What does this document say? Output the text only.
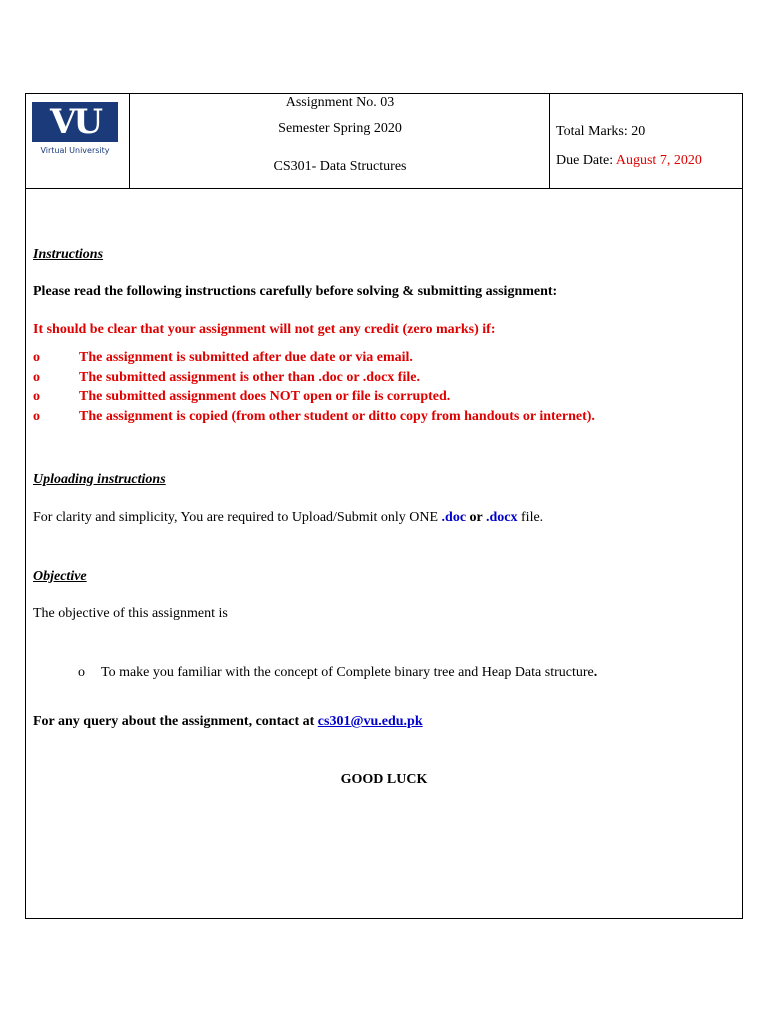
VU
Virtual University
Assignment No. 03
Semester Spring 2020
CS301- Data Structures
Total Marks: 20
Due Date: August 7, 2020
Instructions
Please read the following instructions carefully before solving & submitting assignment:
It should be clear that your assignment will not get any credit (zero marks) if:
o	The assignment is submitted after due date or via email.
o	The submitted assignment is other than .doc or .docx file.
o	The submitted assignment does NOT open or file is corrupted.
o	The assignment is copied (from other student or ditto copy from handouts or internet).
Uploading instructions
For clarity and simplicity, You are required to Upload/Submit only ONE .doc or .docx file.
Objective
The objective of this assignment is
o To make you familiar with the concept of Complete binary tree and Heap Data structure.
For any query about the assignment, contact at cs301@vu.edu.pk
GOOD LUCK
